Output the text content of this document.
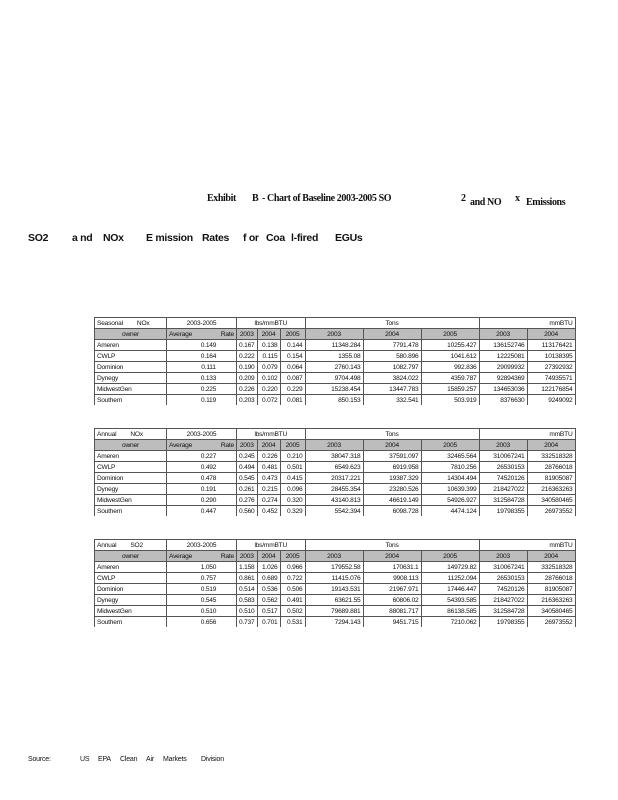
Exhibit B - Chart of Baseline 2003-2005 SO	2 and NO x Emissions
SO2 a nd NOx E mission Rates f or Coa l-fired EGUs
Seasonal NOx	2003-2005	lbs/mmBTU			Tons			mmBTU	
owner	Average Rate	2003	2004	2005	2003	2004	2005	2003	2004
Ameren	0.149	0.167	0.138	0.144	11348.284	7791.478	10255.427	136152746	113176421
CWLP	0.164	0.222	0.115	0.154	1355.08	580.896	1041.612	12225081	10138395
Dominion	0.111	0.190	0.079	0.064	2760.143	1082.797	992.836	29099932	27392932
Dynegy	0.133	0.209	0.102	0.087	9704.498	3824.022	4359.787	92894369	74935571
MidwestGen	0.225	0.226	0.220	0.229	15238.454	13447.783	15859.257	134653036	122176854
Southern	0.119	0.203	0.072	0.081	850.153	332.541	503.919	8376630	9249092
Annual NOx	2003-2005	lbs/mmBTU			Tons			mmBTU	
owner	Average Rate	2003	2004	2005	2003	2004	2005	2003	2004
Ameren	0.227	0.245	0.226	0.210	38047.318	37591.097	32465.564	310067241	332518328
CWLP	0.492	0.494	0.481	0.501	6549.623	6919.958	7810.256	26530153	28766018
Dominion	0.478	0.545	0.473	0.415	20317.221	19387.329	14304.494	74520126	81905087
Dynegy	0.191	0.261	0.215	0.096	28455.354	23280.526	10639.399	218427022	216363263
MidwestGen	0.290	0.276	0.274	0.320	43140.813	46619.149	54926.927	312584728	340580465
Southern	0.447	0.560	0.452	0.329	5542.394	6098.728	4474.124	19798355	26973552
Annual SO2	2003-2005	lbs/mmBTU			Tons			mmBTU	
owner	Average Rate	2003	2004	2005	2003	2004	2005	2003	2004
Ameren	1.050	1.158	1.026	0.966	179552.58	170631.1	149729.82	310067241	332518328
CWLP	0.757	0.861	0.689	0.722	11415.076	9908.113	11252.094	26530153	28766018
Dominion	0.519	0.514	0.536	0.506	19143.531	21967.971	17446.447	74520126	81905087
Dynegy	0.545	0.583	0.562	0.491	63621.55	60806.02	54393.585	218427022	216363263
MidwestGen	0.510	0.510	0.517	0.502	79689.881	88081.717	86138.585	312584728	340580465
Southern	0.656	0.737	0.701	0.531	7294.143	9451.715	7210.062	19798355	26973552
Source:	US EPA Clean Air Markets Division
